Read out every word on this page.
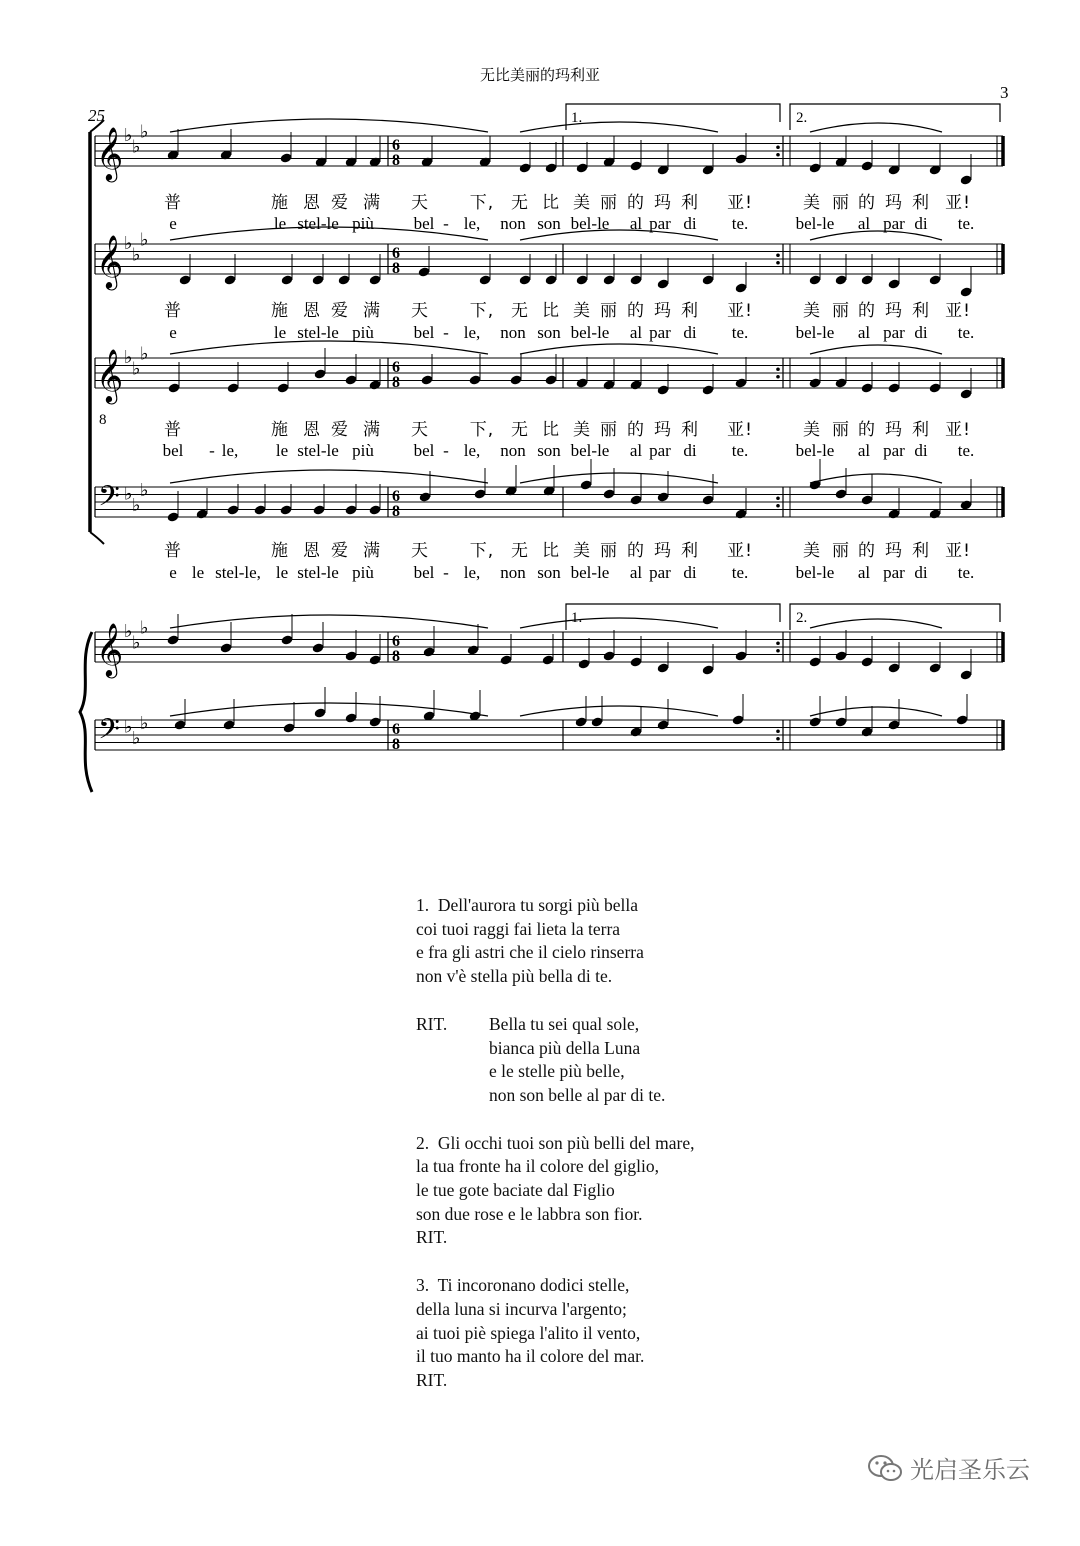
无比美丽的玛利亚
3
25
𝄞 ♭
♭
♭
6
8
𝄞 ♭
♭
♭
6
8
𝄞 ♭
♭
♭
6
8
𝄢 ♭
♭
♭	6
8
𝄞 ♭
♭
♭
6
8
𝄢 ♭
♭
♭	6
8
8
1.
1.
2.
2.
普	施 恩 爱 满 天 下, 无 比 美 丽 的 玛 利 亚!	美 丽 的 玛 利 亚!
e	le stel-le più bel - le, non son bel-le al par di te.	bel-le al par di te.
普	施 恩 爱 满 天 下, 无 比 美 丽 的 玛 利 亚!	美 丽 的 玛 利 亚!
e	le stel-le più bel - le, non son bel-le al par di te.	bel-le al par di te.
普	施 恩 爱 满 天 下, 无 比 美 丽 的 玛 利 亚!	美 丽 的 玛 利 亚!
bel - le, le stel-le più bel - le, non son bel-le al par di te.	bel-le al par di te.
普	施 恩 爱 满 天 下, 无 比 美 丽 的 玛 利 亚!	美 丽 的 玛 利 亚!
e le stel-le, le stel-le più bel - le, non son bel-le al par di te.	bel-le al par di te.
1. Dell'aurora tu sorgi più bella
coi tuoi raggi fai lieta la terra
e fra gli astri che il cielo rinserra
non v'è stella più bella di te.
RIT.	Bella tu sei qual sole,
bianca più della Luna
e le stelle più belle,
non son belle al par di te.
2. Gli occhi tuoi son più belli del mare,
la tua fronte ha il colore del giglio,
le tue gote baciate dal Figlio
son due rose e le labbra son fior.
RIT.
3. Ti incoronano dodici stelle,
della luna si incurva l'argento;
ai tuoi piè spiega l'alito il vento,
il tuo manto ha il colore del mar.
RIT.
光启圣乐云
